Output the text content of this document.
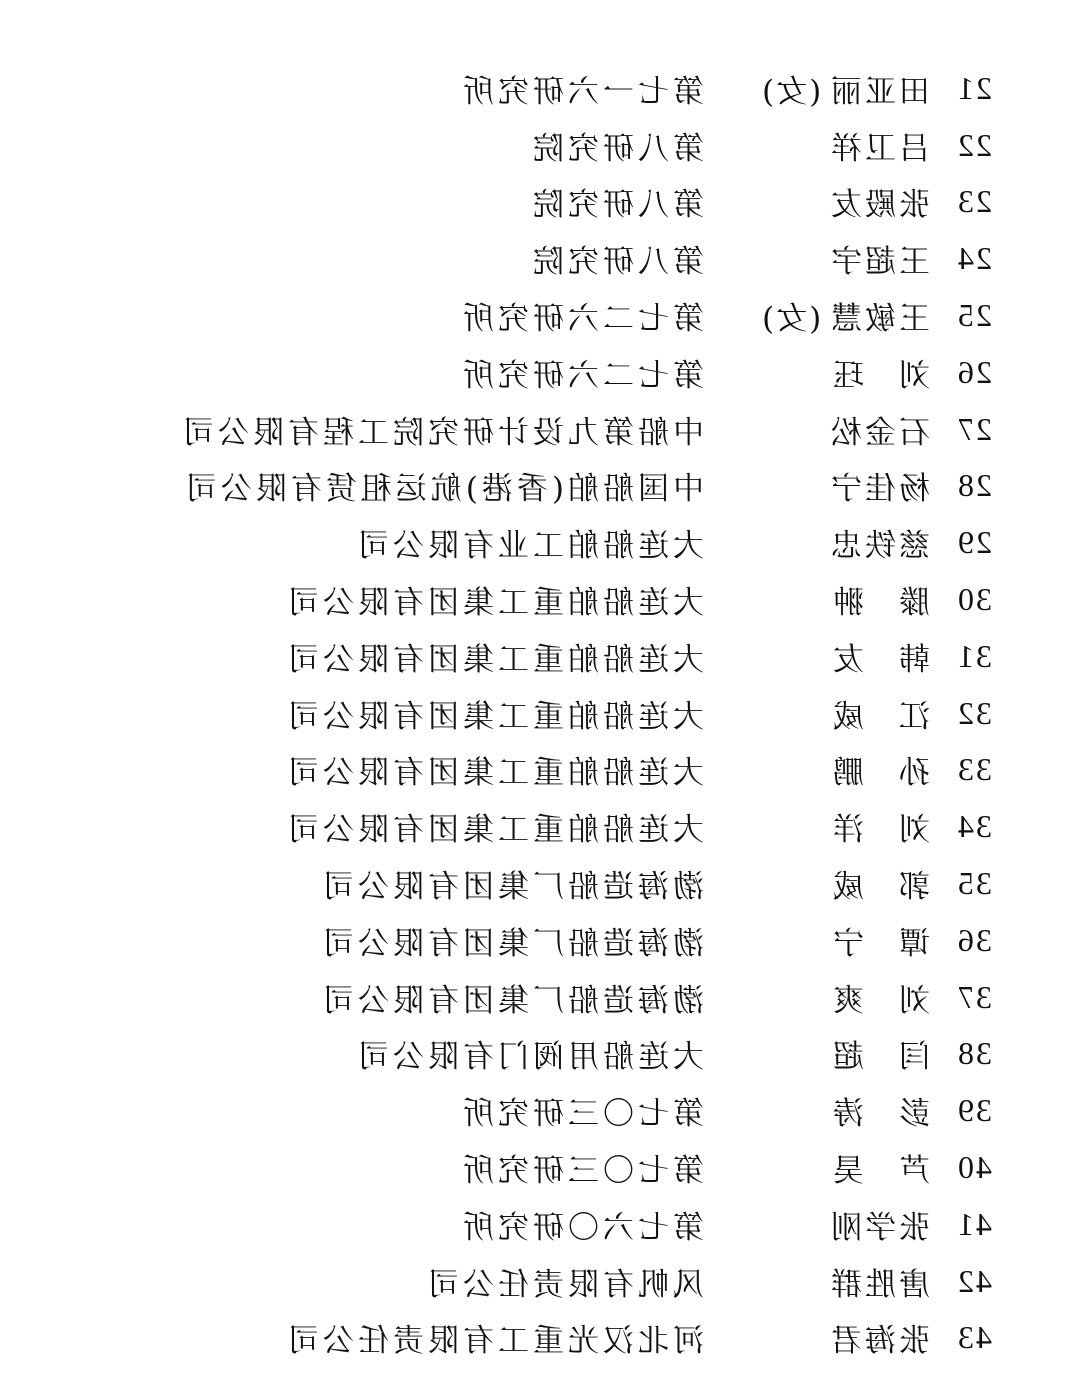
21
田亚丽
(女)
第七一六研究所
22
吕卫祥
第八研究院
23
张殿友
第八研究院
24
王超宇
第八研究院
25
王敏慧
(女)
第七二六研究所
26
刘 珏
第七二六研究所
27
石金松
中船第九设计研究院工程有限公司
28
杨佳宁
中国船舶(香港)航运租赁有限公司
29
慈铁忠
大连船舶工业有限公司
30
滕 翀
大连船舶重工集团有限公司
31
韩 友
大连船舶重工集团有限公司
32
江 威
大连船舶重工集团有限公司
33
孙 鹏
大连船舶重工集团有限公司
34
刘 洋
大连船舶重工集团有限公司
35
郭 威
渤海造船厂集团有限公司
36
谭 宁
渤海造船厂集团有限公司
37
刘 爽
渤海造船厂集团有限公司
38
闫 超
大连船用阀门有限公司
39
彭 涛
第七〇三研究所
40
芦 昊
第七〇三研究所
41
张学刚
第七六〇研究所
42
唐胜群
风帆有限责任公司
43
张海君
河北汉光重工有限责任公司
